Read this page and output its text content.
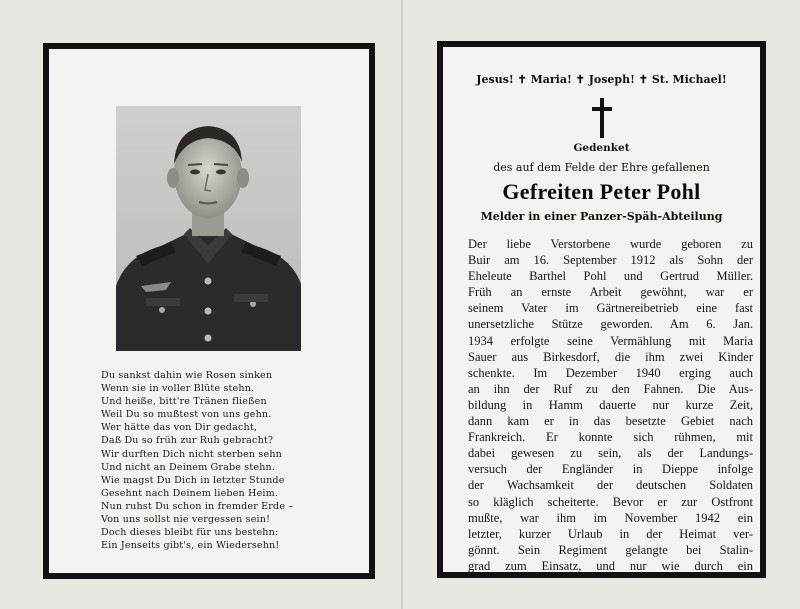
Du sankst dahin wie Rosen sinken
Wenn sie in voller Blüte stehn.
Und heiße, bitt're Tränen fließen
Weil Du so mußtest von uns gehn.
Wer hätte das von Dir gedacht,
Daß Du so früh zur Ruh gebracht?
Wir durften Dich nicht sterben sehn
Und nicht an Deinem Grabe stehn.
Wie magst Du Dich in letzter Stunde
Gesehnt nach Deinem lieben Heim.
Nun ruhst Du schon in fremder Erde –
Von uns sollst nie vergessen sein!
Doch dieses bleibt für uns bestehn:
Ein Jenseits gibt's, ein Wiedersehn!
Jesus! ✝ Maria! ✝ Joseph! ✝ St. Michael!
Gedenket
des auf dem Felde der Ehre gefallenen
Gefreiten Peter Pohl
Melder in einer Panzer-Späh-Abteilung
Der liebe Verstorbene wurde geboren zu
Buir am 16. September 1912 als Sohn der
Eheleute Barthel Pohl und Gertrud Müller.
Früh an ernste Arbeit gewöhnt, war er
seinem Vater im Gärtnereibetrieb eine fast
unersetzliche Stütze geworden. Am 6. Jan.
1934 erfolgte seine Vermählung mit Maria
Sauer aus Birkesdorf, die ihm zwei Kinder
schenkte. Im Dezember 1940 erging auch
an ihn der Ruf zu den Fahnen. Die Aus-
bildung in Hamm dauerte nur kurze Zeit,
dann kam er in das besetzte Gebiet nach
Frankreich. Er konnte sich rühmen, mit
dabei gewesen zu sein, als der Landungs-
versuch der Engländer in Dieppe infolge
der Wachsamkeit der deutschen Soldaten
so kläglich scheiterte. Bevor er zur Ostfront
mußte, war ihm im November 1942 ein
letzter, kurzer Urlaub in der Heimat ver-
gönnt. Sein Regiment gelangte bei Stalin-
grad zum Einsatz, und nur wie durch ein
